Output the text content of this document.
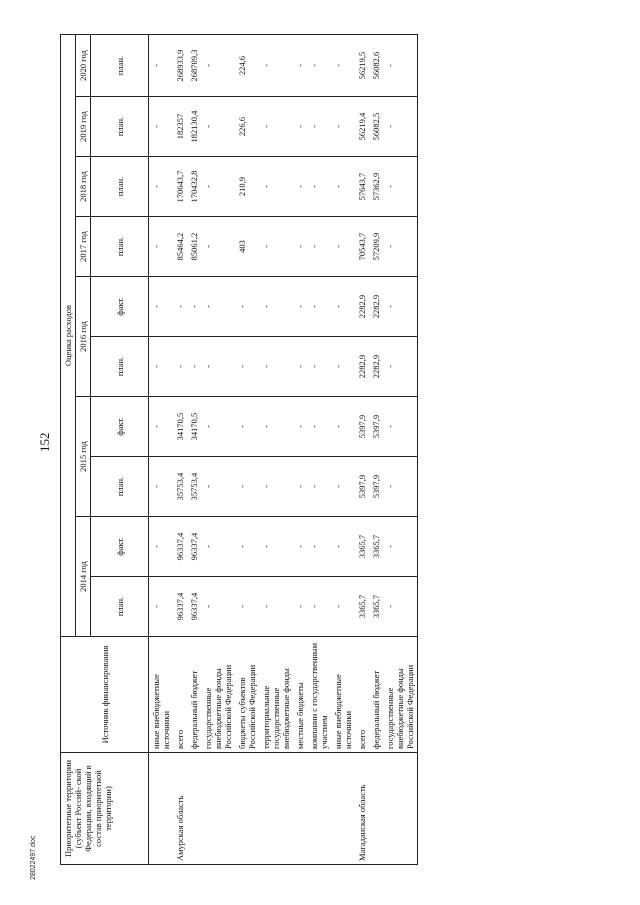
152
28022497.doc
Приоритетные территории (субъект Россий- ской Федерации, входящий в состав приоритетной территории)	Источник финансирования	Оценка расходов									
		2014 год		2015 год		2016 год		2017 год	2018 год	2019 год	2020 год
		план.	факт.	план.	факт.	план.	факт.	план.	план.	план.	план.
	иные внебюджетные источники	-	-	-	-	-	-	-	-	-	-
Амурская область	всего	96337,4	96337,4	35753,4	34170,5	-	-	85464,2	170643,7	182357	268933,9
	федеральный бюджет	96337,4	96337,4	35753,4	34170,5	-	-	85061,2	170432,8	182130,4	268709,3
	государственные внебюджетные фонды Российской Федерации	-	-	-	-	-	-	-	-	-	-
	бюджеты субъектов Российской Федерации	-	-	-	-	-	-	403	210,9	226,6	224,6
	территориальные государственные внебюджетные фонды	-	-	-	-	-	-	-	-	-	-
	местные бюджеты	-	-	-	-	-	-	-	-	-	-
	компании с государственным участием	-	-	-	-	-	-	-	-	-	-
	иные внебюджетные источники	-	-	-	-	-	-	-	-	-	-
Магаданская область	всего	3365,7	3365,7	5397,9	5397,9	2282,9	2282,9	70543,7	57643,7	56219,4	56219,5
	федеральный бюджет	3365,7	3365,7	5397,9	5397,9	2282,9	2282,9	57209,9	57362,9	56082,5	56082,6
	государственные внебюджетные фонды Российской Федерации	-	-	-	-	-	-	-	-	-	-
